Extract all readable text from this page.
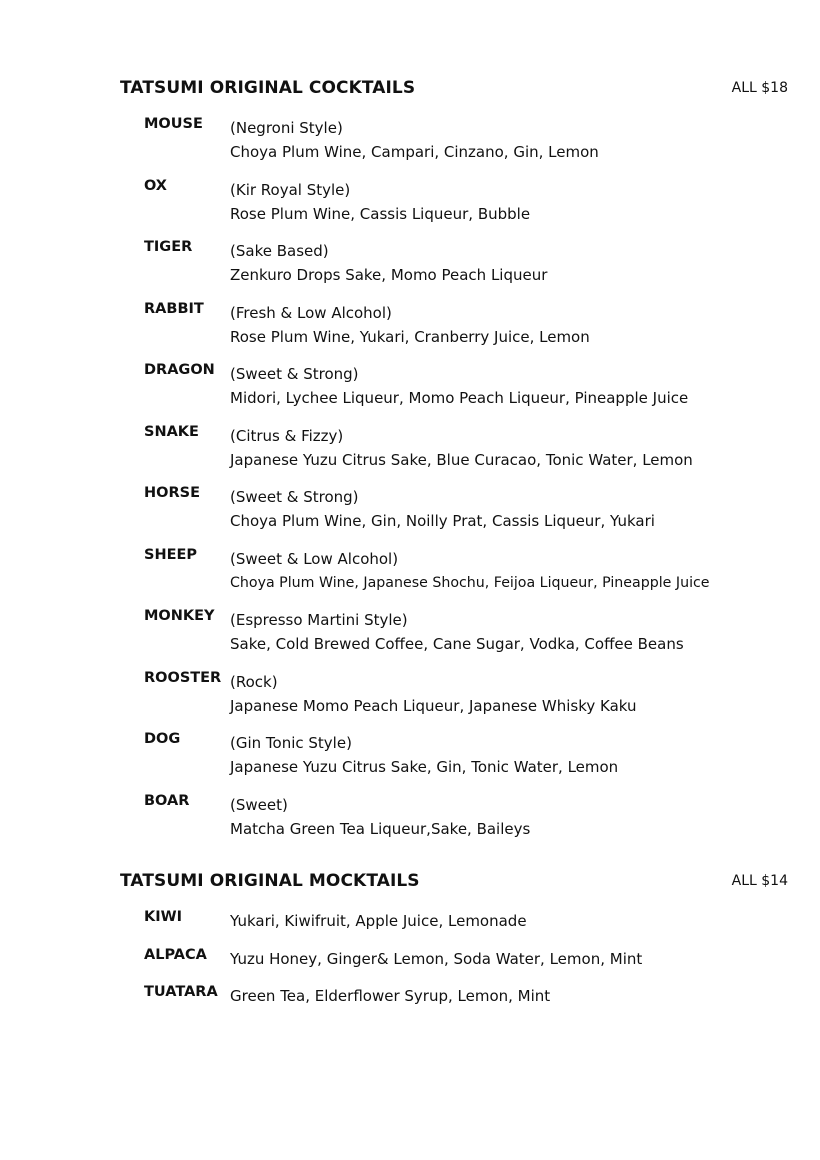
TATSUMI ORIGINAL COCKTAILS	ALL $18
MOUSE (Negroni Style)
Choya Plum Wine, Campari, Cinzano, Gin, Lemon
OX	(Kir Royal Style)
Rose Plum Wine, Cassis Liqueur, Bubble
TIGER	(Sake Based)
Zenkuro Drops Sake, Momo Peach Liqueur
RABBIT (Fresh & Low Alcohol)
Rose Plum Wine, Yukari, Cranberry Juice, Lemon
DRAGON (Sweet & Strong)
Midori, Lychee Liqueur, Momo Peach Liqueur, Pineapple Juice
SNAKE (Citrus & Fizzy)
Japanese Yuzu Citrus Sake, Blue Curacao, Tonic Water, Lemon
HORSE (Sweet & Strong)
Choya Plum Wine, Gin, Noilly Prat, Cassis Liqueur, Yukari
SHEEP (Sweet & Low Alcohol)
Choya Plum Wine, Japanese Shochu, Feijoa Liqueur, Pineapple Juice
MONKEY (Espresso Martini Style)
Sake, Cold Brewed Coffee, Cane Sugar, Vodka, Coffee Beans
ROOSTER (Rock)
Japanese Momo Peach Liqueur, Japanese Whisky Kaku
DOG	(Gin Tonic Style)
Japanese Yuzu Citrus Sake, Gin, Tonic Water, Lemon
BOAR	(Sweet)
Matcha Green Tea Liqueur,Sake, Baileys
TATSUMI ORIGINAL MOCKTAILS	ALL $14
KIWI	Yukari, Kiwifruit, Apple Juice, Lemonade
ALPACA Yuzu Honey, Ginger& Lemon, Soda Water, Lemon, Mint
TUATARA Green Tea, Elderflower Syrup, Lemon, Mint
